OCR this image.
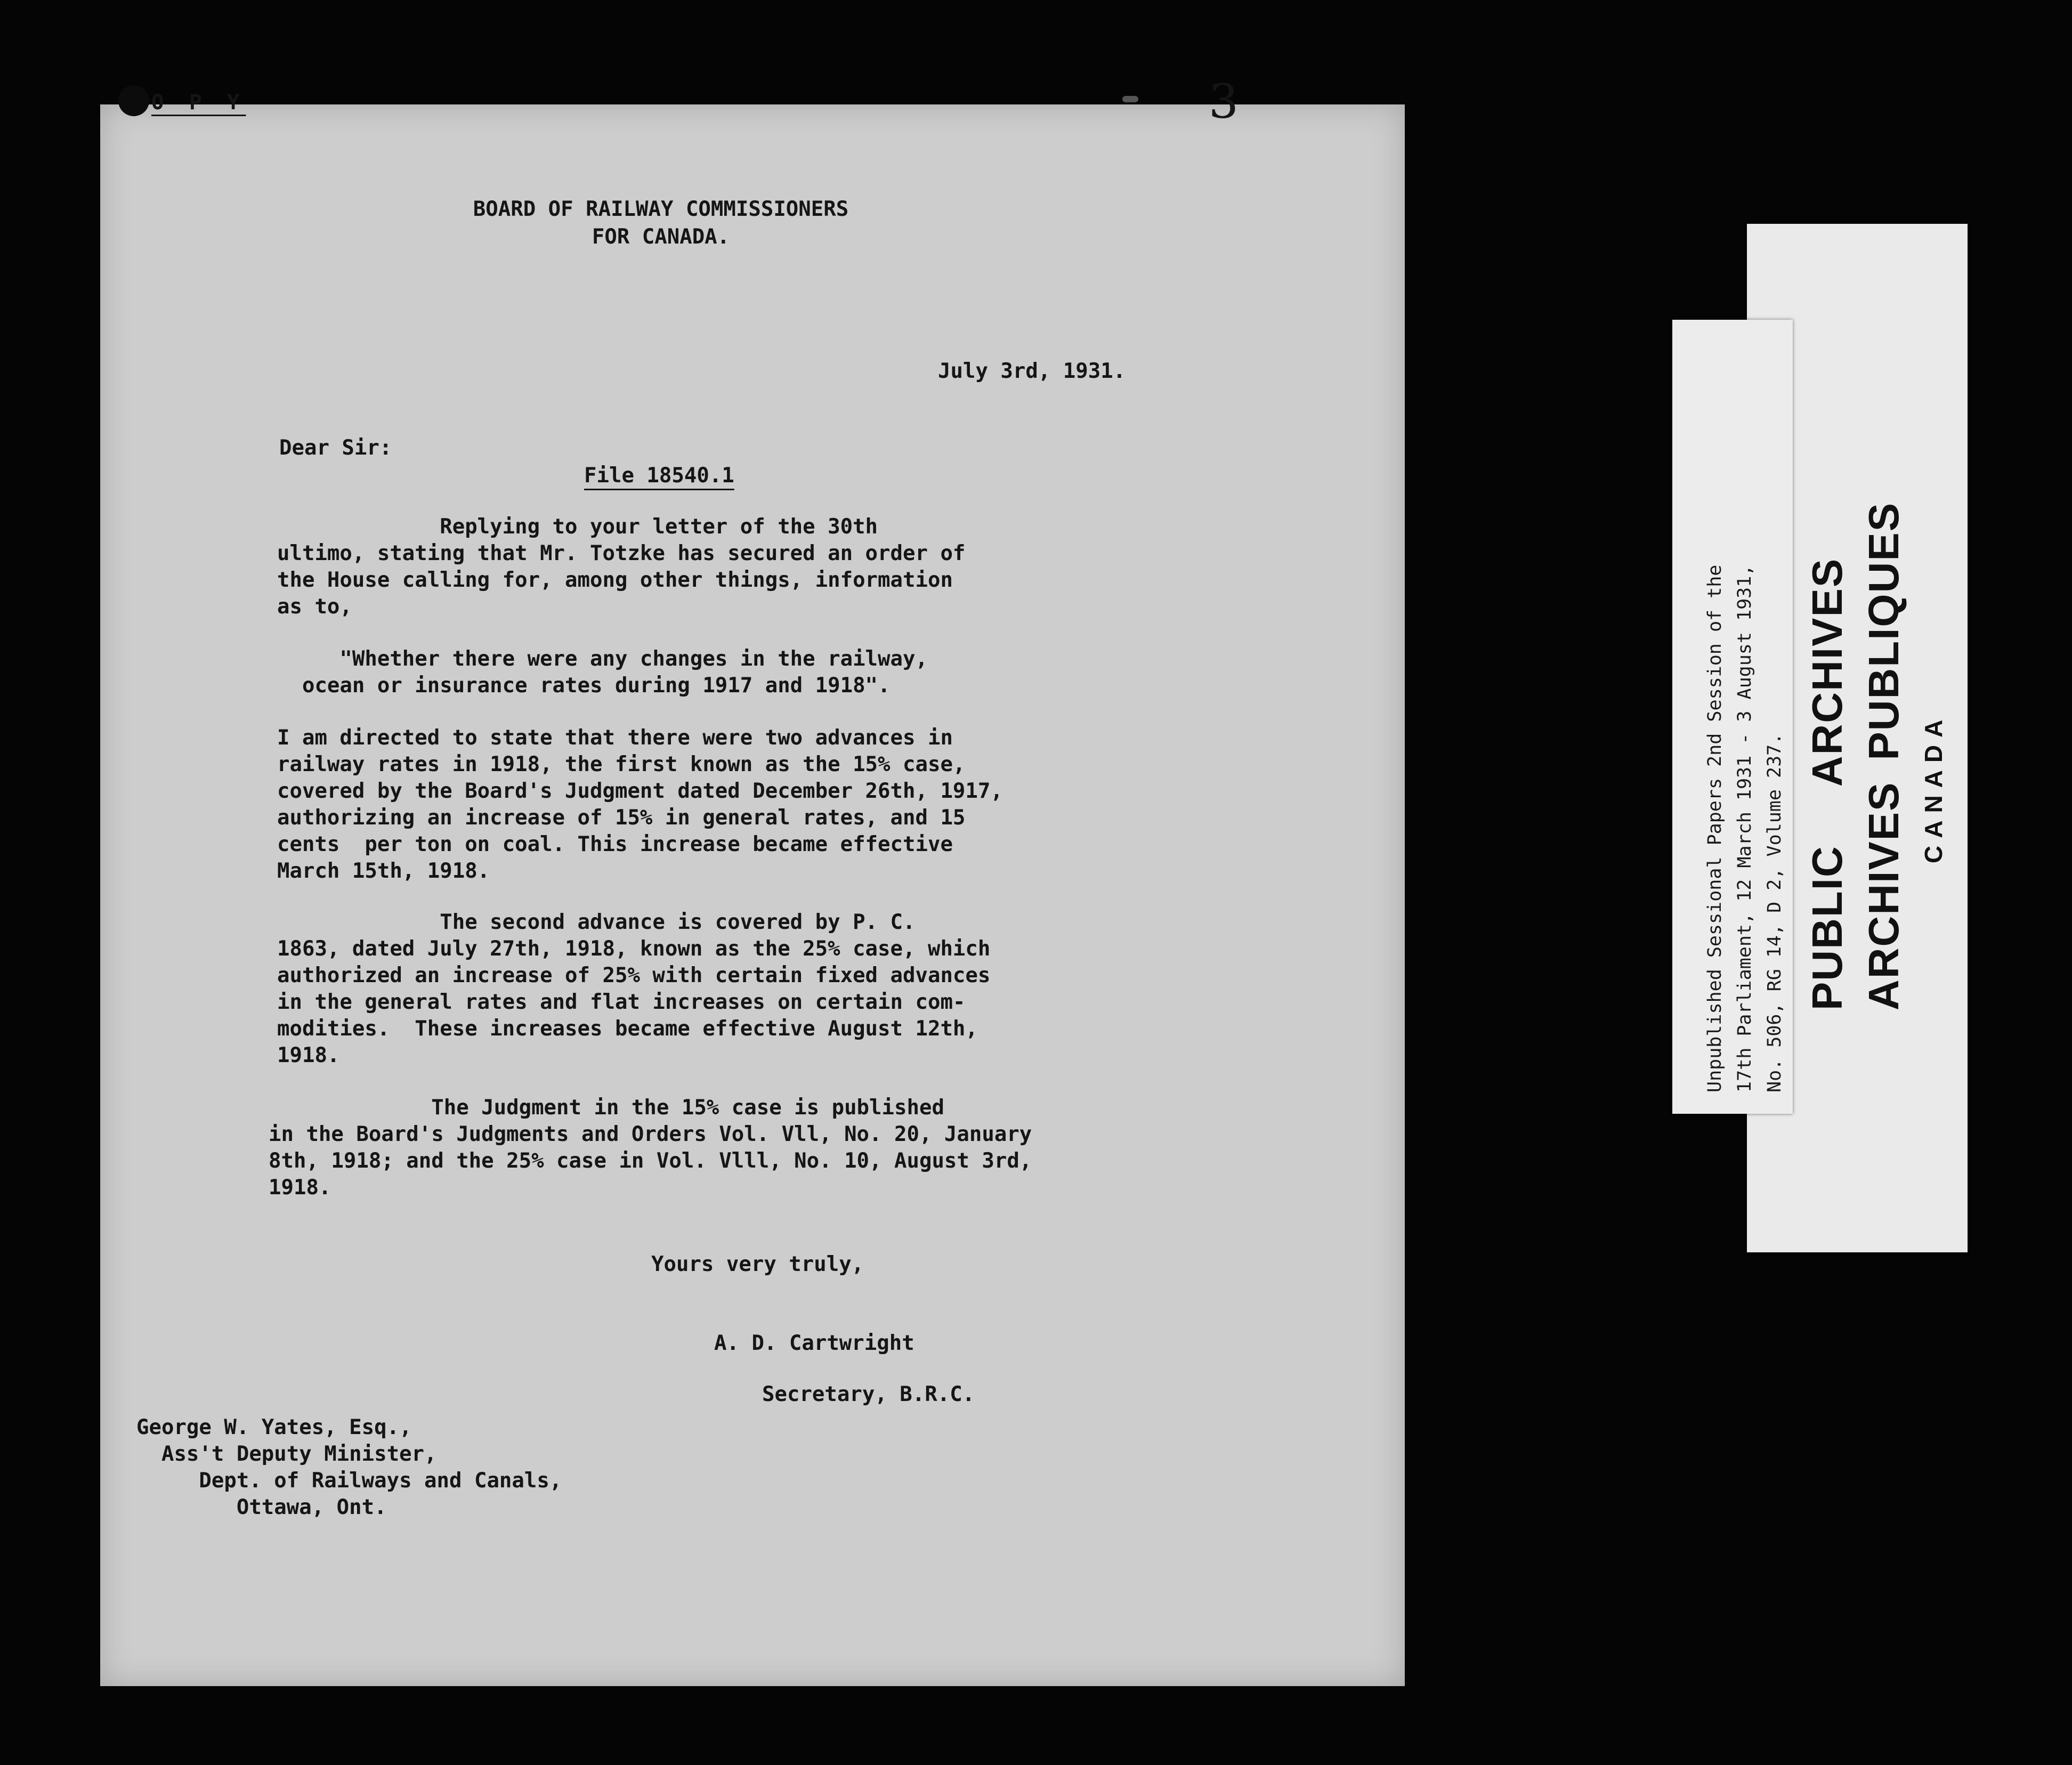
O P Y

BOARD OF RAILWAY COMMISSIONERS

FOR CANADA.

3

July 3rd, 1931.

Dear Sir:

File 18540.1

Replying to your letter of the 30th

ultimo, stating that Mr. Totzke has secured an order of

the House calling for, among other things, information

as to,

"Whether there were any changes in the railway,

ocean or insurance rates during 1917 and 1918".

I am directed to state that there were two advances in

railway rates in 1918, the first known as the 15% case,

covered by the Board's Judgment dated December 26th, 1917,

authorizing an increase of 15% in general rates, and 15

cents  per ton on coal. This increase became effective

March 15th, 1918.

The second advance is covered by P. C.

1863, dated July 27th, 1918, known as the 25% case, which

authorized an increase of 25% with certain fixed advances

in the general rates and flat increases on certain com-

modities.  These increases became effective August 12th,

1918.

The Judgment in the 15% case is published

in the Board's Judgments and Orders Vol. Vll, No. 20, January

8th, 1918; and the 25% case in Vol. Vlll, No. 10, August 3rd,

1918.

Yours very truly,

A. D. Cartwright

Secretary, B.R.C.

George W. Yates, Esq.,

Ass't Deputy Minister,

Dept. of Railways and Canals,

Ottawa, Ont.

Unpublished Sessional Papers 2nd Session of the 17th Parliament, 12 March 1931 - 3 August 1931, No. 506, RG 14, D 2, Volume 237. PUBLICARCHIVES
ARCHIVESPUBLIQUES
CANADA
